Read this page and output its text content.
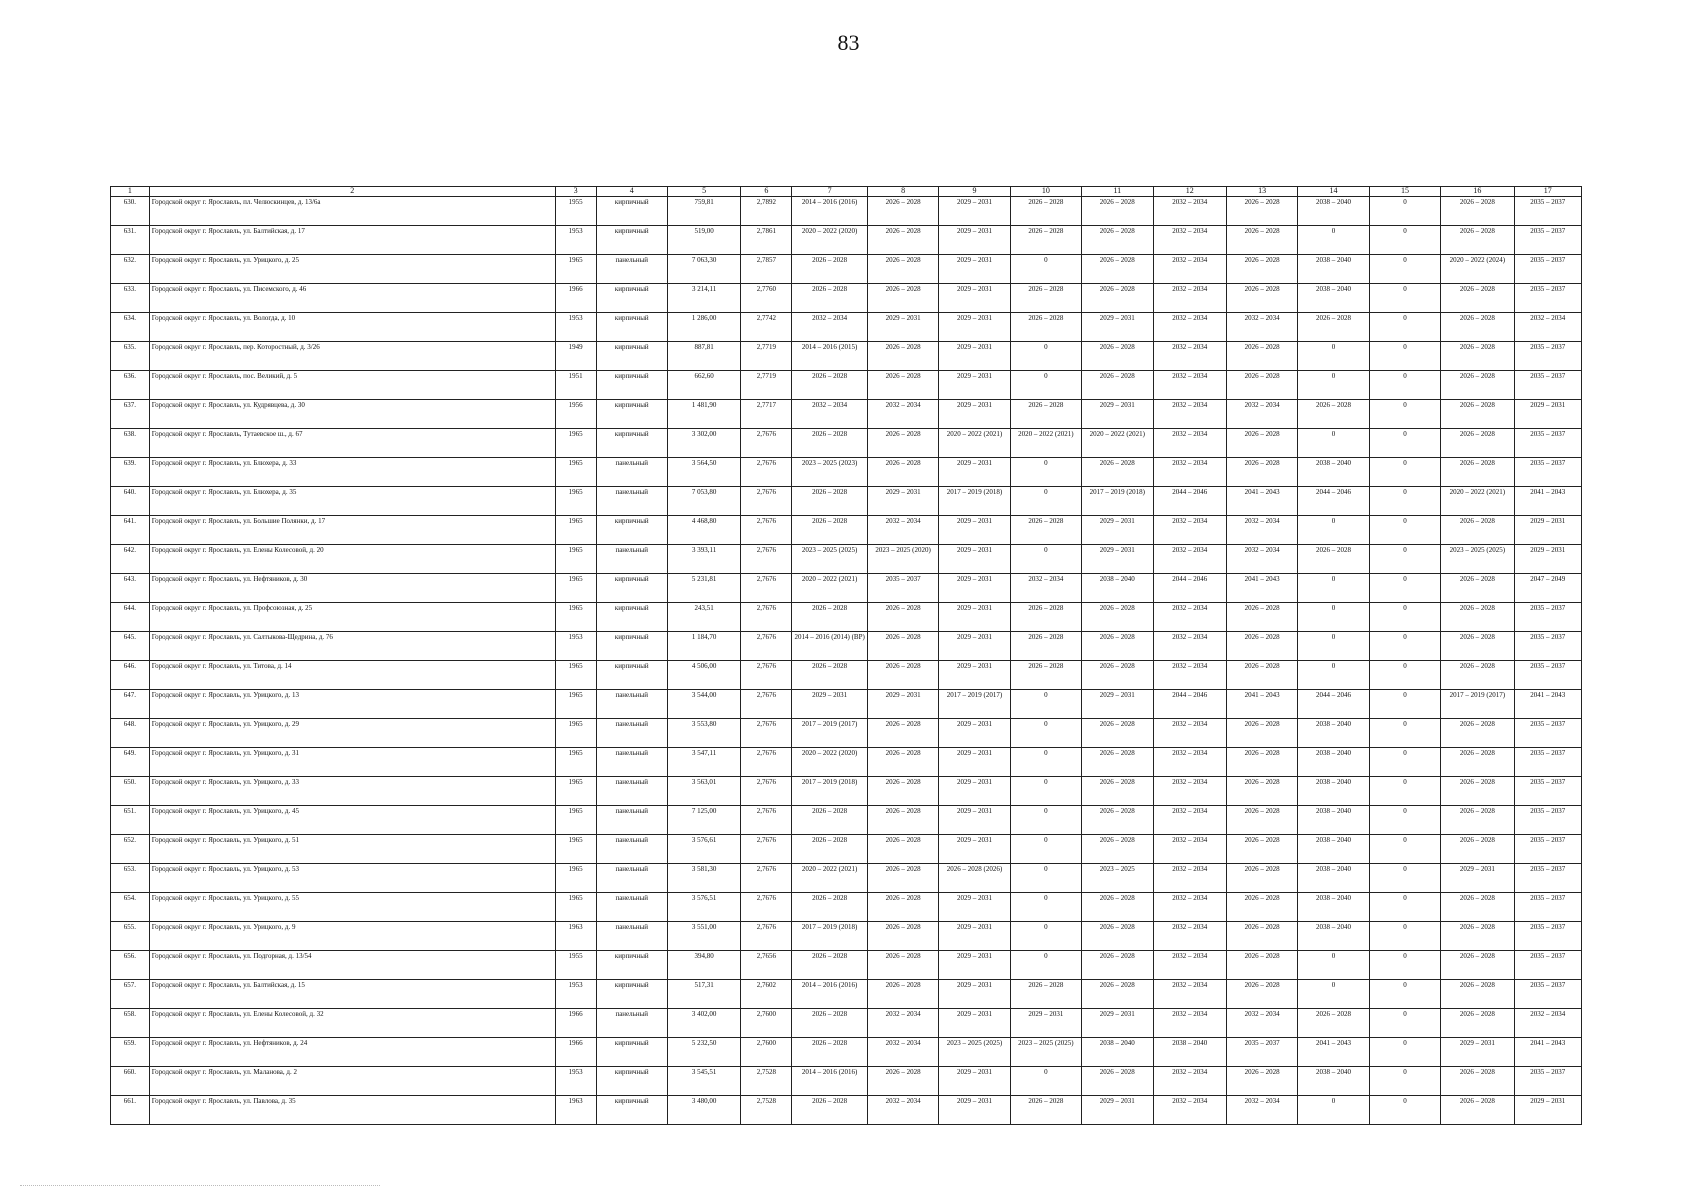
83
1	2	3	4	5	6	7	8	9	10	11	12	13	14	15	16	17
630.	Городской округ г. Ярославль, пл. Челюскинцев, д. 13/6а	1955	кирпичный	759,81	2,7892	2014 – 2016 (2016)	2026 – 2028	2029 – 2031	2026 – 2028	2026 – 2028	2032 – 2034	2026 – 2028	2038 – 2040	0	2026 – 2028	2035 – 2037
631.	Городской округ г. Ярославль, ул. Балтийская, д. 17	1953	кирпичный	519,00	2,7861	2020 – 2022 (2020)	2026 – 2028	2029 – 2031	2026 – 2028	2026 – 2028	2032 – 2034	2026 – 2028	0	0	2026 – 2028	2035 – 2037
632.	Городской округ г. Ярославль, ул. Урицкого, д. 25	1965	панельный	7 063,30	2,7857	2026 – 2028	2026 – 2028	2029 – 2031	0	2026 – 2028	2032 – 2034	2026 – 2028	2038 – 2040	0	2020 – 2022 (2024)	2035 – 2037
633.	Городской округ г. Ярославль, ул. Писемского, д. 46	1966	кирпичный	3 214,11	2,7760	2026 – 2028	2026 – 2028	2029 – 2031	2026 – 2028	2026 – 2028	2032 – 2034	2026 – 2028	2038 – 2040	0	2026 – 2028	2035 – 2037
634.	Городской округ г. Ярославль, ул. Вологда, д. 10	1953	кирпичный	1 286,00	2,7742	2032 – 2034	2029 – 2031	2029 – 2031	2026 – 2028	2029 – 2031	2032 – 2034	2032 – 2034	2026 – 2028	0	2026 – 2028	2032 – 2034
635.	Городской округ г. Ярославль, пер. Которостный, д. 3/26	1949	кирпичный	887,81	2,7719	2014 – 2016 (2015)	2026 – 2028	2029 – 2031	0	2026 – 2028	2032 – 2034	2026 – 2028	0	0	2026 – 2028	2035 – 2037
636.	Городской округ г. Ярославль, пос. Великий, д. 5	1951	кирпичный	662,60	2,7719	2026 – 2028	2026 – 2028	2029 – 2031	0	2026 – 2028	2032 – 2034	2026 – 2028	0	0	2026 – 2028	2035 – 2037
637.	Городской округ г. Ярославль, ул. Кудрявцева, д. 30	1956	кирпичный	1 481,90	2,7717	2032 – 2034	2032 – 2034	2029 – 2031	2026 – 2028	2029 – 2031	2032 – 2034	2032 – 2034	2026 – 2028	0	2026 – 2028	2029 – 2031
638.	Городской округ г. Ярославль, Тутаевское ш., д. 67	1965	кирпичный	3 302,00	2,7676	2026 – 2028	2026 – 2028	2020 – 2022 (2021)	2020 – 2022 (2021)	2020 – 2022 (2021)	2032 – 2034	2026 – 2028	0	0	2026 – 2028	2035 – 2037
639.	Городской округ г. Ярославль, ул. Блюхера, д. 33	1965	панельный	3 564,50	2,7676	2023 – 2025 (2023)	2026 – 2028	2029 – 2031	0	2026 – 2028	2032 – 2034	2026 – 2028	2038 – 2040	0	2026 – 2028	2035 – 2037
640.	Городской округ г. Ярославль, ул. Блюхера, д. 35	1965	панельный	7 053,80	2,7676	2026 – 2028	2029 – 2031	2017 – 2019 (2018)	0	2017 – 2019 (2018)	2044 – 2046	2041 – 2043	2044 – 2046	0	2020 – 2022 (2021)	2041 – 2043
641.	Городской округ г. Ярославль, ул. Большие Полянки, д. 17	1965	кирпичный	4 468,80	2,7676	2026 – 2028	2032 – 2034	2029 – 2031	2026 – 2028	2029 – 2031	2032 – 2034	2032 – 2034	0	0	2026 – 2028	2029 – 2031
642.	Городской округ г. Ярославль, ул. Елены Колесовой, д. 20	1965	панельный	3 393,11	2,7676	2023 – 2025 (2025)	2023 – 2025 (2020)	2029 – 2031	0	2029 – 2031	2032 – 2034	2032 – 2034	2026 – 2028	0	2023 – 2025 (2025)	2029 – 2031
643.	Городской округ г. Ярославль, ул. Нефтяников, д. 30	1965	кирпичный	5 231,81	2,7676	2020 – 2022 (2021)	2035 – 2037	2029 – 2031	2032 – 2034	2038 – 2040	2044 – 2046	2041 – 2043	0	0	2026 – 2028	2047 – 2049
644.	Городской округ г. Ярославль, ул. Профсоюзная, д. 25	1965	кирпичный	243,51	2,7676	2026 – 2028	2026 – 2028	2029 – 2031	2026 – 2028	2026 – 2028	2032 – 2034	2026 – 2028	0	0	2026 – 2028	2035 – 2037
645.	Городской округ г. Ярославль, ул. Салтыкова-Щедрина, д. 76	1953	кирпичный	1 184,70	2,7676	2014 – 2016 (2014) (ВР)	2026 – 2028	2029 – 2031	2026 – 2028	2026 – 2028	2032 – 2034	2026 – 2028	0	0	2026 – 2028	2035 – 2037
646.	Городской округ г. Ярославль, ул. Титова, д. 14	1965	кирпичный	4 506,00	2,7676	2026 – 2028	2026 – 2028	2029 – 2031	2026 – 2028	2026 – 2028	2032 – 2034	2026 – 2028	0	0	2026 – 2028	2035 – 2037
647.	Городской округ г. Ярославль, ул. Урицкого, д. 13	1965	панельный	3 544,00	2,7676	2029 – 2031	2029 – 2031	2017 – 2019 (2017)	0	2029 – 2031	2044 – 2046	2041 – 2043	2044 – 2046	0	2017 – 2019 (2017)	2041 – 2043
648.	Городской округ г. Ярославль, ул. Урицкого, д. 29	1965	панельный	3 553,80	2,7676	2017 – 2019 (2017)	2026 – 2028	2029 – 2031	0	2026 – 2028	2032 – 2034	2026 – 2028	2038 – 2040	0	2026 – 2028	2035 – 2037
649.	Городской округ г. Ярославль, ул. Урицкого, д. 31	1965	панельный	3 547,11	2,7676	2020 – 2022 (2020)	2026 – 2028	2029 – 2031	0	2026 – 2028	2032 – 2034	2026 – 2028	2038 – 2040	0	2026 – 2028	2035 – 2037
650.	Городской округ г. Ярославль, ул. Урицкого, д. 33	1965	панельный	3 563,01	2,7676	2017 – 2019 (2018)	2026 – 2028	2029 – 2031	0	2026 – 2028	2032 – 2034	2026 – 2028	2038 – 2040	0	2026 – 2028	2035 – 2037
651.	Городской округ г. Ярославль, ул. Урицкого, д. 45	1965	панельный	7 125,00	2,7676	2026 – 2028	2026 – 2028	2029 – 2031	0	2026 – 2028	2032 – 2034	2026 – 2028	2038 – 2040	0	2026 – 2028	2035 – 2037
652.	Городской округ г. Ярославль, ул. Урицкого, д. 51	1965	панельный	3 576,61	2,7676	2026 – 2028	2026 – 2028	2029 – 2031	0	2026 – 2028	2032 – 2034	2026 – 2028	2038 – 2040	0	2026 – 2028	2035 – 2037
653.	Городской округ г. Ярославль, ул. Урицкого, д. 53	1965	панельный	3 581,30	2,7676	2020 – 2022 (2021)	2026 – 2028	2026 – 2028 (2026)	0	2023 – 2025	2032 – 2034	2026 – 2028	2038 – 2040	0	2029 – 2031	2035 – 2037
654.	Городской округ г. Ярославль, ул. Урицкого, д. 55	1965	панельный	3 576,51	2,7676	2026 – 2028	2026 – 2028	2029 – 2031	0	2026 – 2028	2032 – 2034	2026 – 2028	2038 – 2040	0	2026 – 2028	2035 – 2037
655.	Городской округ г. Ярославль, ул. Урицкого, д. 9	1963	панельный	3 551,00	2,7676	2017 – 2019 (2018)	2026 – 2028	2029 – 2031	0	2026 – 2028	2032 – 2034	2026 – 2028	2038 – 2040	0	2026 – 2028	2035 – 2037
656.	Городской округ г. Ярославль, ул. Подгорная, д. 13/54	1955	кирпичный	394,80	2,7656	2026 – 2028	2026 – 2028	2029 – 2031	0	2026 – 2028	2032 – 2034	2026 – 2028	0	0	2026 – 2028	2035 – 2037
657.	Городской округ г. Ярославль, ул. Балтийская, д. 15	1953	кирпичный	517,31	2,7602	2014 – 2016 (2016)	2026 – 2028	2029 – 2031	2026 – 2028	2026 – 2028	2032 – 2034	2026 – 2028	0	0	2026 – 2028	2035 – 2037
658.	Городской округ г. Ярославль, ул. Елены Колесовой, д. 32	1966	панельный	3 402,00	2,7600	2026 – 2028	2032 – 2034	2029 – 2031	2029 – 2031	2029 – 2031	2032 – 2034	2032 – 2034	2026 – 2028	0	2026 – 2028	2032 – 2034
659.	Городской округ г. Ярославль, ул. Нефтяников, д. 24	1966	кирпичный	5 232,50	2,7600	2026 – 2028	2032 – 2034	2023 – 2025 (2025)	2023 – 2025 (2025)	2038 – 2040	2038 – 2040	2035 – 2037	2041 – 2043	0	2029 – 2031	2041 – 2043
660.	Городской округ г. Ярославль, ул. Маланова, д. 2	1953	кирпичный	3 545,51	2,7528	2014 – 2016 (2016)	2026 – 2028	2029 – 2031	0	2026 – 2028	2032 – 2034	2026 – 2028	2038 – 2040	0	2026 – 2028	2035 – 2037
661.	Городской округ г. Ярославль, ул. Павлова, д. 35	1963	кирпичный	3 480,00	2,7528	2026 – 2028	2032 – 2034	2029 – 2031	2026 – 2028	2029 – 2031	2032 – 2034	2032 – 2034	0	0	2026 – 2028	2029 – 2031
